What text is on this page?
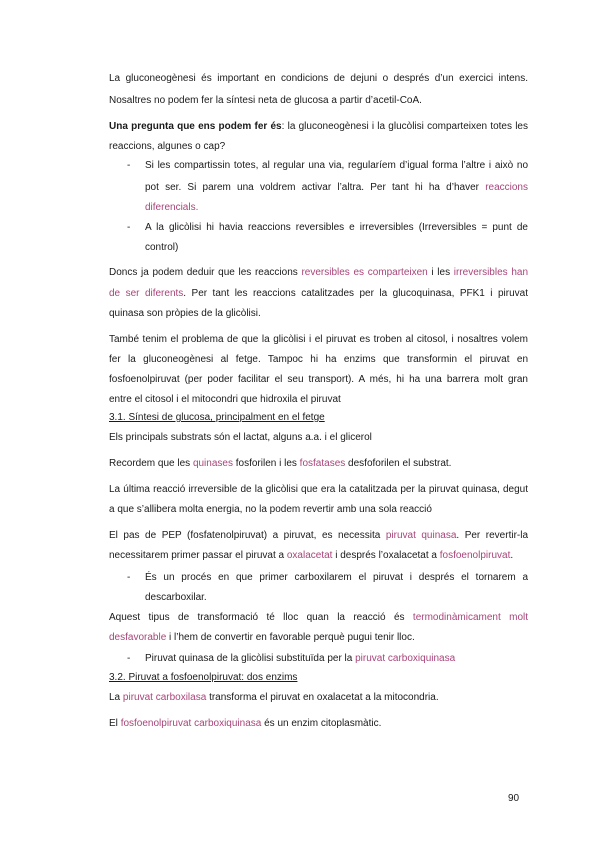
La gluconeogènesi és important en condicions de dejuni o després d’un exercici intens.
Nosaltres no podem fer la síntesi neta de glucosa a partir d’acetil-CoA.
Una pregunta que ens podem fer és: la gluconeogènesi i la glucòlisi comparteixen totes les
reaccions, algunes o cap?
- Si les compartissin totes, al regular una via, regularíem d’igual forma l’altre i això no
pot ser. Si parem una voldrem activar l’altra. Per tant hi ha d’haver reaccions
diferencials.
- A la glicòlisi hi havia reaccions reversibles e irreversibles (Irreversibles = punt de
control)
Doncs ja podem deduir que les reaccions reversibles es comparteixen i les irreversibles han
de ser diferents. Per tant les reaccions catalitzades per la glucoquinasa, PFK1 i piruvat
quinasa son pròpies de la glicòlisi.
També tenim el problema de que la glicòlisi i el piruvat es troben al citosol, i nosaltres volem
fer la gluconeogènesi al fetge. Tampoc hi ha enzims que transformin el piruvat en
fosfoenolpiruvat (per poder facilitar el seu transport). A més, hi ha una barrera molt gran
entre el citosol i el mitocondri que hidroxila el piruvat
3.1. Síntesi de glucosa, principalment en el fetge
Els principals substrats són el lactat, alguns a.a. i el glicerol
Recordem que les quinases fosforilen i les fosfatases desfoforilen el substrat.
La última reacció irreversible de la glicòlisi que era la catalitzada per la piruvat quinasa, degut
a que s’allibera molta energia, no la podem revertir amb una sola reacció
El pas de PEP (fosfatenolpiruvat) a piruvat, es necessita piruvat quinasa. Per revertir-la
necessitarem primer passar el piruvat a oxalacetat i després l’oxalacetat a fosfoenolpiruvat.
- És un procés en que primer carboxilarem el piruvat i després el tornarem a
descarboxilar.
Aquest tipus de transformació té lloc quan la reacció és termodinàmicament molt
desfavorable i l’hem de convertir en favorable perquè pugui tenir lloc.
- Piruvat quinasa de la glicòlisi substituïda per la piruvat carboxiquinasa
3.2. Piruvat a fosfoenolpiruvat: dos enzims
La piruvat carboxilasa transforma el piruvat en oxalacetat a la mitocondria.
El fosfoenolpiruvat carboxiquinasa és un enzim citoplasmàtic.
90
